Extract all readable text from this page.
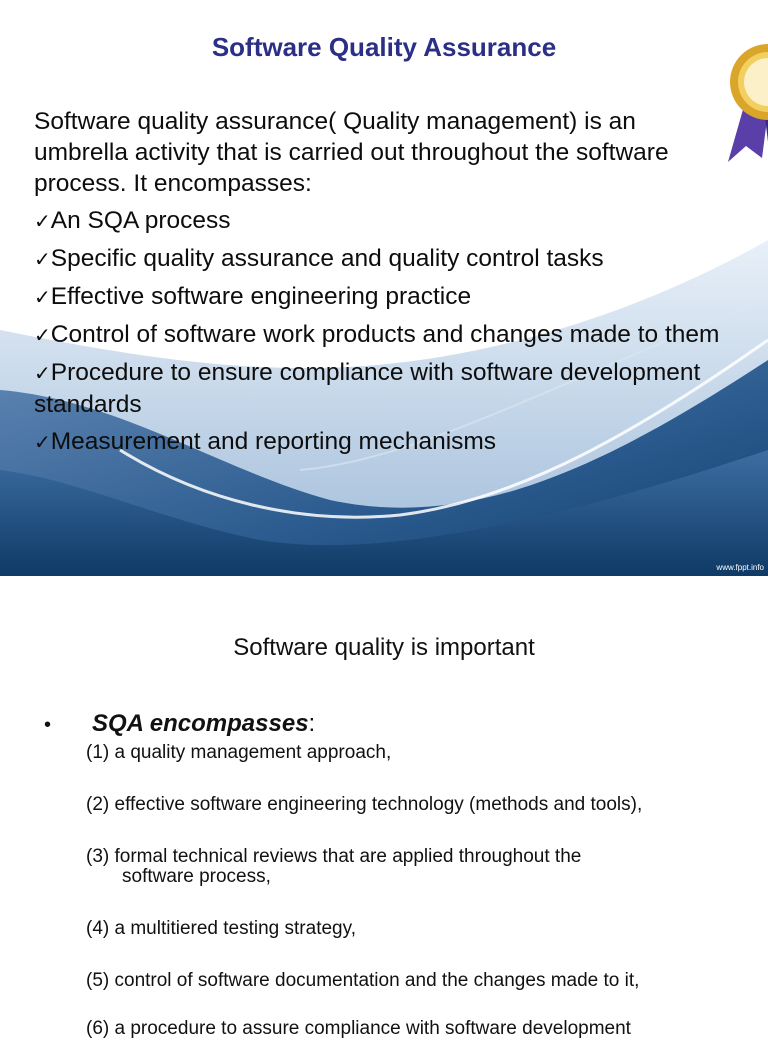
Software Quality Assurance

Software quality assurance( Quality management) is an

umbrella activity that is carried out throughout the software

process. It encompasses:

✓An SQA process

✓Specific quality assurance and quality control tasks

✓Effective software engineering practice

✓Control of software work products and changes made to them

✓Procedure to ensure compliance with software development

standards

✓Measurement and reporting mechanisms

www.fppt.info
Software quality is important
• SQA encompasses:
(1) a quality management approach,
(2) effective software engineering technology (methods and tools),
(3) formal technical reviews that are applied throughout the
software process,
(4) a multitiered testing strategy,
(5) control of software documentation and the changes made to it,
(6) a procedure to assure compliance with software development
